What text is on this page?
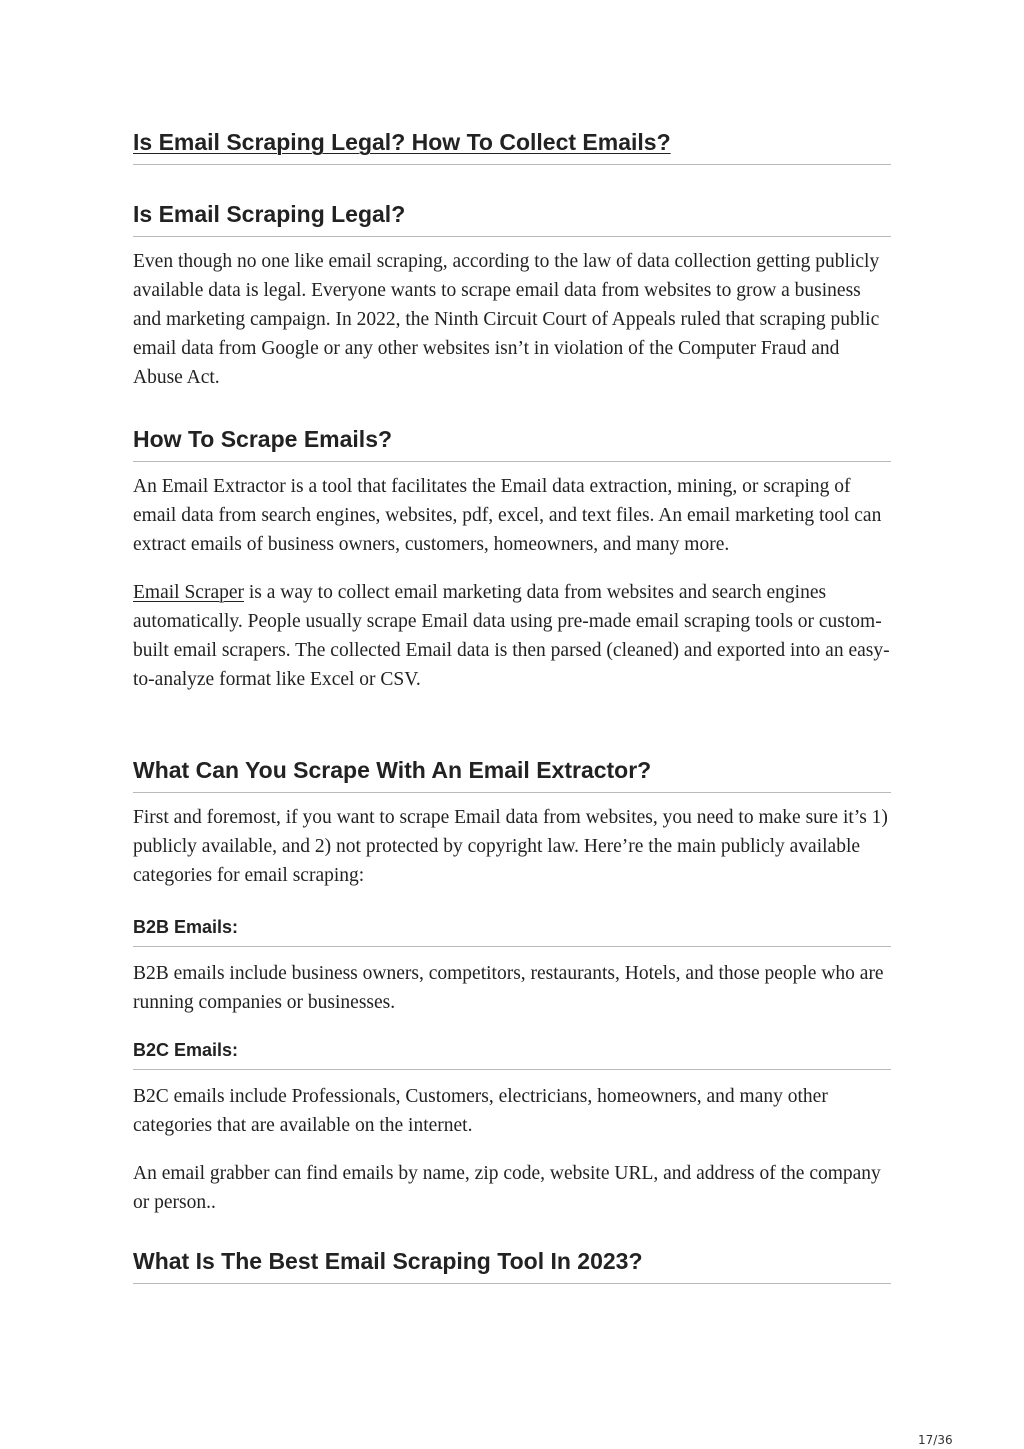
Is Email Scraping Legal? How To Collect Emails?
Is Email Scraping Legal?

Even though no one like email scraping, according to the law of data collection getting publicly available data is legal. Everyone wants to scrape email data from websites to grow a business and marketing campaign. In 2022, the Ninth Circuit Court of Appeals ruled that scraping public email data from Google or any other websites isn’t in violation of the Computer Fraud and Abuse Act.

How To Scrape Emails?

An Email Extractor is a tool that facilitates the Email data extraction, mining, or scraping of email data from search engines, websites, pdf, excel, and text files. An email marketing tool can extract emails of business owners, customers, homeowners, and many more.

Email Scraper is a way to collect email marketing data from websites and search engines automatically. People usually scrape Email data using pre-made email scraping tools or custom-built email scrapers. The collected Email data is then parsed (cleaned) and exported into an easy-to-analyze format like Excel or CSV.

What Can You Scrape With An Email Extractor?

First and foremost, if you want to scrape Email data from websites, you need to make sure it’s 1) publicly available, and 2) not protected by copyright law. Here’re the main publicly available categories for email scraping:

B2B Emails:

B2B emails include business owners, competitors, restaurants, Hotels, and those people who are running companies or businesses.

B2C Emails:

B2C emails include Professionals, Customers, electricians, homeowners, and many other categories that are available on the internet.

An email grabber can find emails by name, zip code, website URL, and address of the company or person..

What Is The Best Email Scraping Tool In 2023?
17/36
